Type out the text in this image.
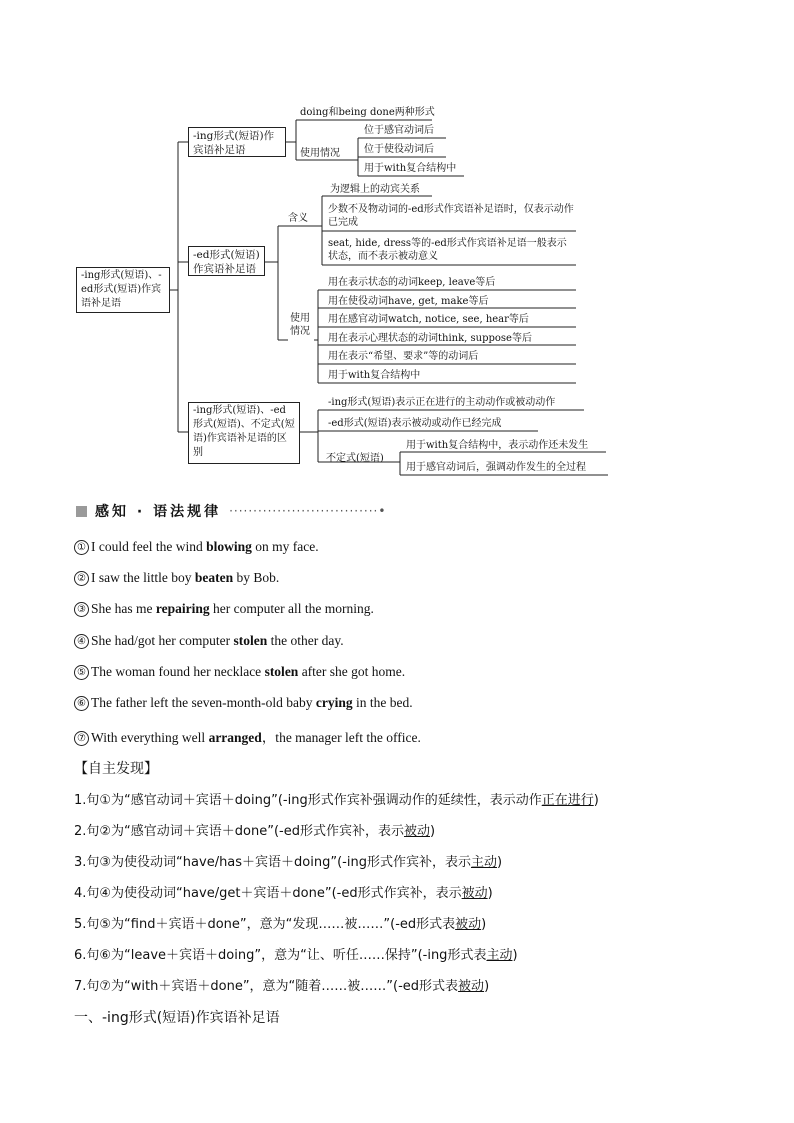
-ing形式(短语)、-ed形式(短语)作宾语补足语
-ing形式(短语)作宾语补足语
doing和being done两种形式
使用情况
位于感官动词后
位于使役动词后
用于with复合结构中
-ed形式(短语)作宾语补足语
含义
为逻辑上的动宾关系
少数不及物动词的-ed形式作宾语补足语时，仅表示动作已完成
seat, hide, dress等的-ed形式作宾语补足语一般表示状态，而不表示被动意义
使用情况
用在表示状态的动词keep, leave等后
用在使役动词have, get, make等后
用在感官动词watch, notice, see, hear等后
用在表示心理状态的动词think, suppose等后
用在表示“希望、要求”等的动词后
用于with复合结构中
-ing形式(短语)、-ed形式(短语)、不定式(短语)作宾语补足语的区别
-ing形式(短语)表示正在进行的主动动作或被动动作
-ed形式(短语)表示被动或动作已经完成
不定式(短语)
用于with复合结构中，表示动作还未发生
用于感官动词后，强调动作发生的全过程
感知 · 语法规律 ·······························•
① I could feel the wind blowing on my face.
② I saw the little boy beaten by Bob.
③ She has me repairing her computer all the morning.
④ She had/got her computer stolen the other day.
⑤ The woman found her necklace stolen after she got home.
⑥ The father left the seven-month-old baby crying in the bed.
⑦ With everything well arranged，the manager left the office.
【自主发现】
1.句①为“感官动词＋宾语＋doing”(-ing形式作宾补强调动作的延续性，表示动作正在进行)
2.句②为“感官动词＋宾语＋done”(-ed形式作宾补，表示被动)
3.句③为使役动词“have/has＋宾语＋doing”(-ing形式作宾补，表示主动)
4.句④为使役动词“have/get＋宾语＋done”(-ed形式作宾补，表示被动)
5.句⑤为“find＋宾语＋done”，意为“发现……被……”(-ed形式表被动)
6.句⑥为“leave＋宾语＋doing”，意为“让、听任……保持”(-ing形式表主动)
7.句⑦为“with＋宾语＋done”，意为“随着……被……”(-ed形式表被动)
一、-ing形式(短语)作宾语补足语
